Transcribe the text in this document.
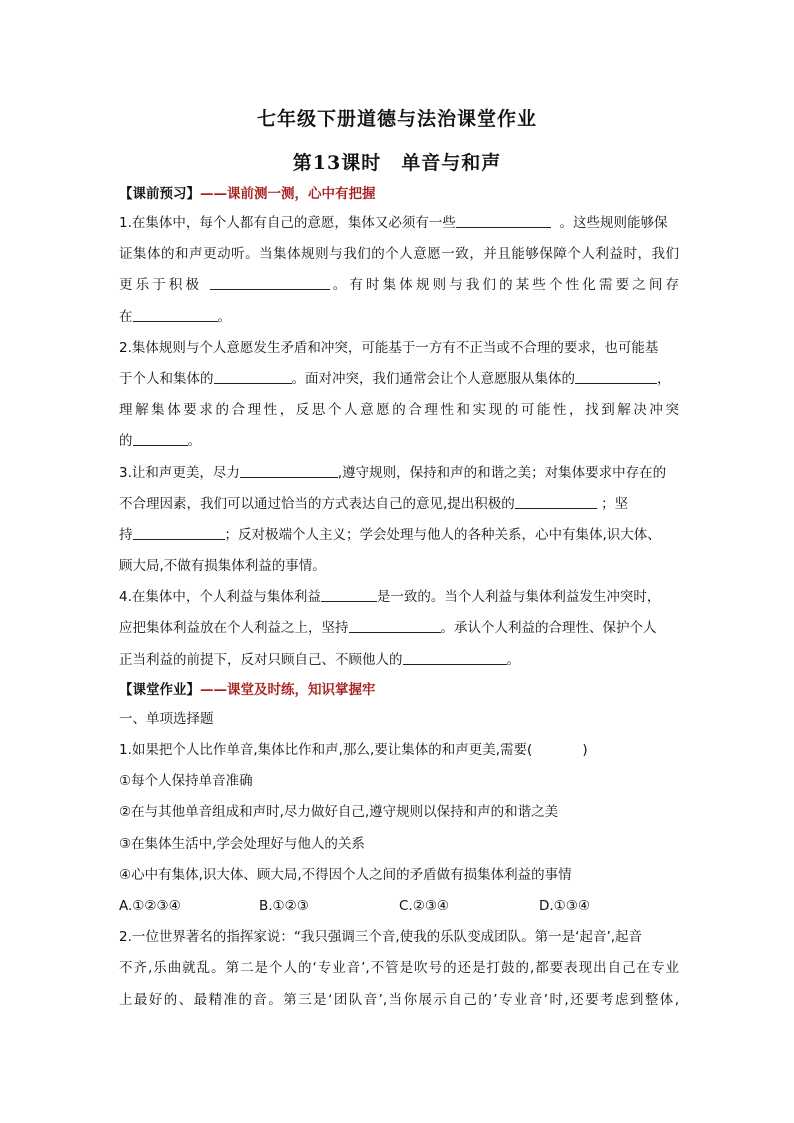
七年级下册道德与法治课堂作业
第13课时　单音与和声
【课前预习】——课前测一测，心中有把握

1.在集体中，每个人都有自己的意愿，集体又必须有一些	。这些规则能够保

证集体的和声更动听。当集体规则与我们的个人意愿一致，并且能够保障个人利益时，我们

更乐于积极	。有时集体规则与我们的某些个性化需要之间存

在	。

2.集体规则与个人意愿发生矛盾和冲突，可能基于一方有不正当或不合理的要求，也可能基

于个人和集体的	。面对冲突，我们通常会让个人意愿服从集体的	，

理解集体要求的合理性，反思个人意愿的合理性和实现的可能性，找到解决冲突

的	。

3.让和声更美，尽力	,遵守规则，保持和声的和谐之美；对集体要求中存在的

不合理因素，我们可以通过恰当的方式表达自己的意见,提出积极的	；坚

持	；反对极端个人主义；学会处理与他人的各种关系，心中有集体,识大体、

顾大局,不做有损集体利益的事情。

4.在集体中，个人利益与集体利益	是一致的。当个人利益与集体利益发生冲突时，

应把集体利益放在个人利益之上，坚持	。承认个人利益的合理性、保护个人

正当利益的前提下，反对只顾自己、不顾他人的	。

【课堂作业】——课堂及时练，知识掌握牢

一、单项选择题

1.如果把个人比作单音,集体比作和声,那么,要让集体的和声更美,需要(	)

①每个人保持单音准确

②在与其他单音组成和声时,尽力做好自己,遵守规则以保持和声的和谐之美

③在集体生活中,学会处理好与他人的关系

④心中有集体,识大体、顾大局,不得因个人之间的矛盾做有损集体利益的事情

A.①②③④	B.①②③	C.②③④	D.①③④

2.一位世界著名的指挥家说：“我只强调三个音,使我的乐队变成团队。第一是‘起音’,起音

不齐,乐曲就乱。第二是个人的‘专业音’,不管是吹号的还是打鼓的,都要表现出自己在专业

上最好的、最精准的音。第三是‘团队音’,当你展示自己的’专业音’时,还要考虑到整体,
